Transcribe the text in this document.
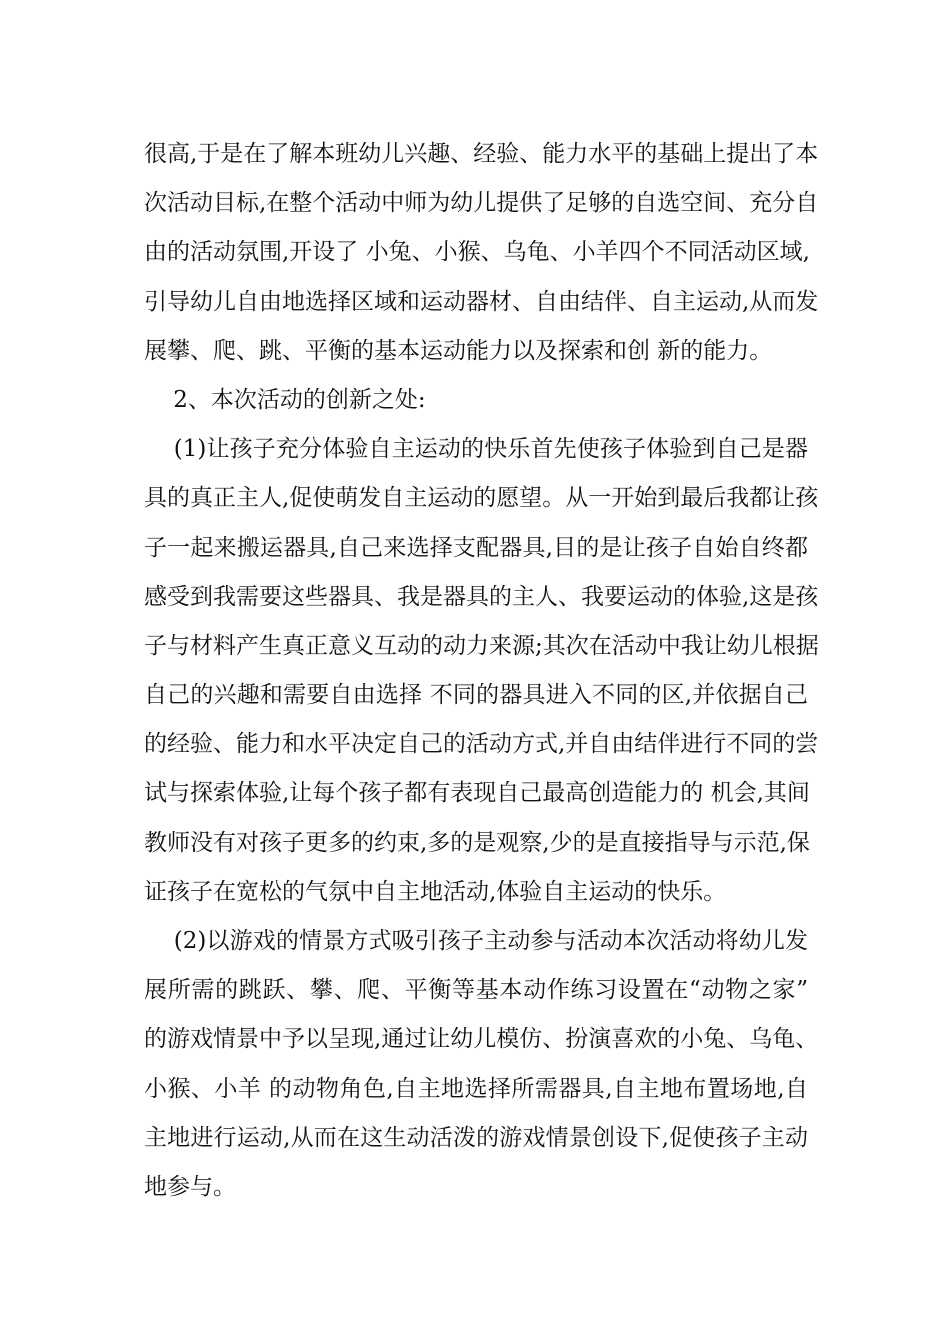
很高,于是在了解本班幼儿兴趣、经验、能力水平的基础上提出了本
次活动目标,在整个活动中师为幼儿提供了足够的自选空间、充分自
由的活动氛围,开设了 小兔、小猴、乌龟、小羊四个不同活动区域,
引导幼儿自由地选择区域和运动器材、自由结伴、自主运动,从而发
展攀、爬、跳、平衡的基本运动能力以及探索和创 新的能力。
2、本次活动的创新之处:
(1)让孩子充分体验自主运动的快乐首先使孩子体验到自己是器
具的真正主人,促使萌发自主运动的愿望。从一开始到最后我都让孩
子一起来搬运器具,自己来选择支配器具,目的是让孩子自始自终都
感受到我需要这些器具、我是器具的主人、我要运动的体验,这是孩
子与材料产生真正意义互动的动力来源;其次在活动中我让幼儿根据
自己的兴趣和需要自由选择 不同的器具进入不同的区,并依据自己
的经验、能力和水平决定自己的活动方式,并自由结伴进行不同的尝
试与探索体验,让每个孩子都有表现自己最高创造能力的 机会,其间
教师没有对孩子更多的约束,多的是观察,少的是直接指导与示范,保
证孩子在宽松的气氛中自主地活动,体验自主运动的快乐。
(2)以游戏的情景方式吸引孩子主动参与活动本次活动将幼儿发
展所需的跳跃、攀、爬、平衡等基本动作练习设置在“动物之家”
的游戏情景中予以呈现,通过让幼儿模仿、扮演喜欢的小兔、乌龟、
小猴、小羊 的动物角色,自主地选择所需器具,自主地布置场地,自
主地进行运动,从而在这生动活泼的游戏情景创设下,促使孩子主动
地参与。
